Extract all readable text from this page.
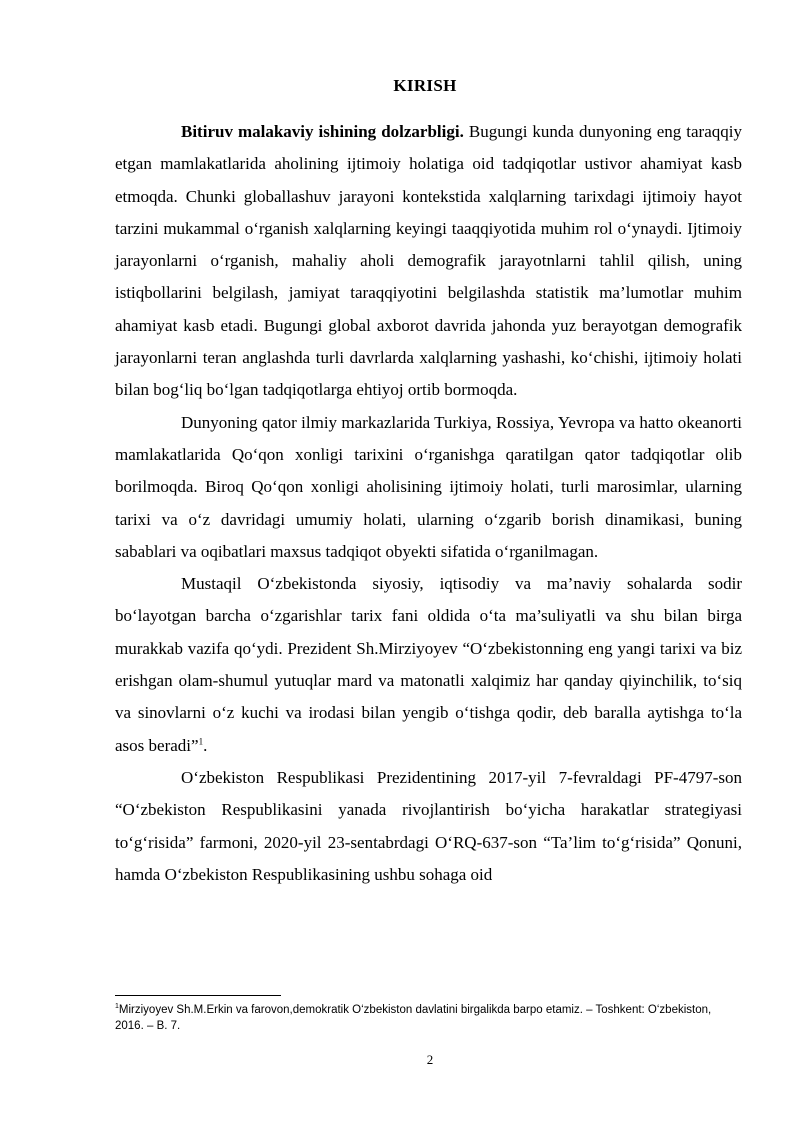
KIRISH

Bitiruv malakaviy ishining dolzarbligi. Bugungi kunda dunyoning eng taraqqiy etgan mamlakatlarida aholining ijtimoiy holatiga oid tadqiqotlar ustivor ahamiyat kasb etmoqda. Chunki globallashuv jarayoni kontekstida xalqlarning tarixdagi ijtimoiy hayot tarzini mukammal o‘rganish xalqlarning keyingi taaqqiyotida muhim rol o‘ynaydi. Ijtimoiy jarayonlarni o‘rganish, mahaliy aholi demografik jarayotnlarni tahlil qilish, uning istiqbollarini belgilash, jamiyat taraqqiyotini belgilashda statistik ma’lumotlar muhim ahamiyat kasb etadi. Bugungi global axborot davrida jahonda yuz berayotgan demografik jarayonlarni teran anglashda turli davrlarda xalqlarning yashashi, ko‘chishi, ijtimoiy holati bilan bog‘liq bo‘lgan tadqiqotlarga ehtiyoj ortib bormoqda.

Dunyoning qator ilmiy markazlarida Turkiya, Rossiya, Yevropa va hatto okeanorti mamlakatlarida Qo‘qon xonligi tarixini o‘rganishga qaratilgan qator tadqiqotlar olib borilmoqda. Biroq Qo‘qon xonligi aholisining ijtimoiy holati, turli marosimlar, ularning tarixi va o‘z davridagi umumiy holati, ularning o‘zgarib borish dinamikasi, buning sabablari va oqibatlari maxsus tadqiqot obyekti sifatida o‘rganilmagan.

Mustaqil O‘zbekistonda siyosiy, iqtisodiy va ma’naviy sohalarda sodir bo‘layotgan barcha o‘zgarishlar tarix fani oldida o‘ta ma’suliyatli va shu bilan birga murakkab vazifa qo‘ydi. Prezident Sh.Mirziyoyev “O‘zbekistonning eng yangi tarixi va biz erishgan olam-shumul yutuqlar mard va matonatli xalqimiz har qanday qiyinchilik, to‘siq va sinovlarni o‘z kuchi va irodasi bilan yengib o‘tishga qodir, deb baralla aytishga to‘la asos beradi”$^1$.

O‘zbekiston Respublikasi Prezidentining 2017-yil 7-fevraldagi PF-4797-son “O‘zbekiston Respublikasini yanada rivojlantirish bo‘yicha harakatlar strategiyasi to‘g‘risida” farmoni, 2020-yil 23-sentabrdagi O‘RQ-637-son “Ta’lim to‘g‘risida” Qonuni, hamda O‘zbekiston Respublikasining ushbu sohaga oid

$^1$Mirziyoyev Sh.M.Erkin va farovon,demokratik O‘zbekiston davlatini birgalikda barpo etamiz. – Toshkent: O‘zbekiston, 2016. – B. 7.
2
